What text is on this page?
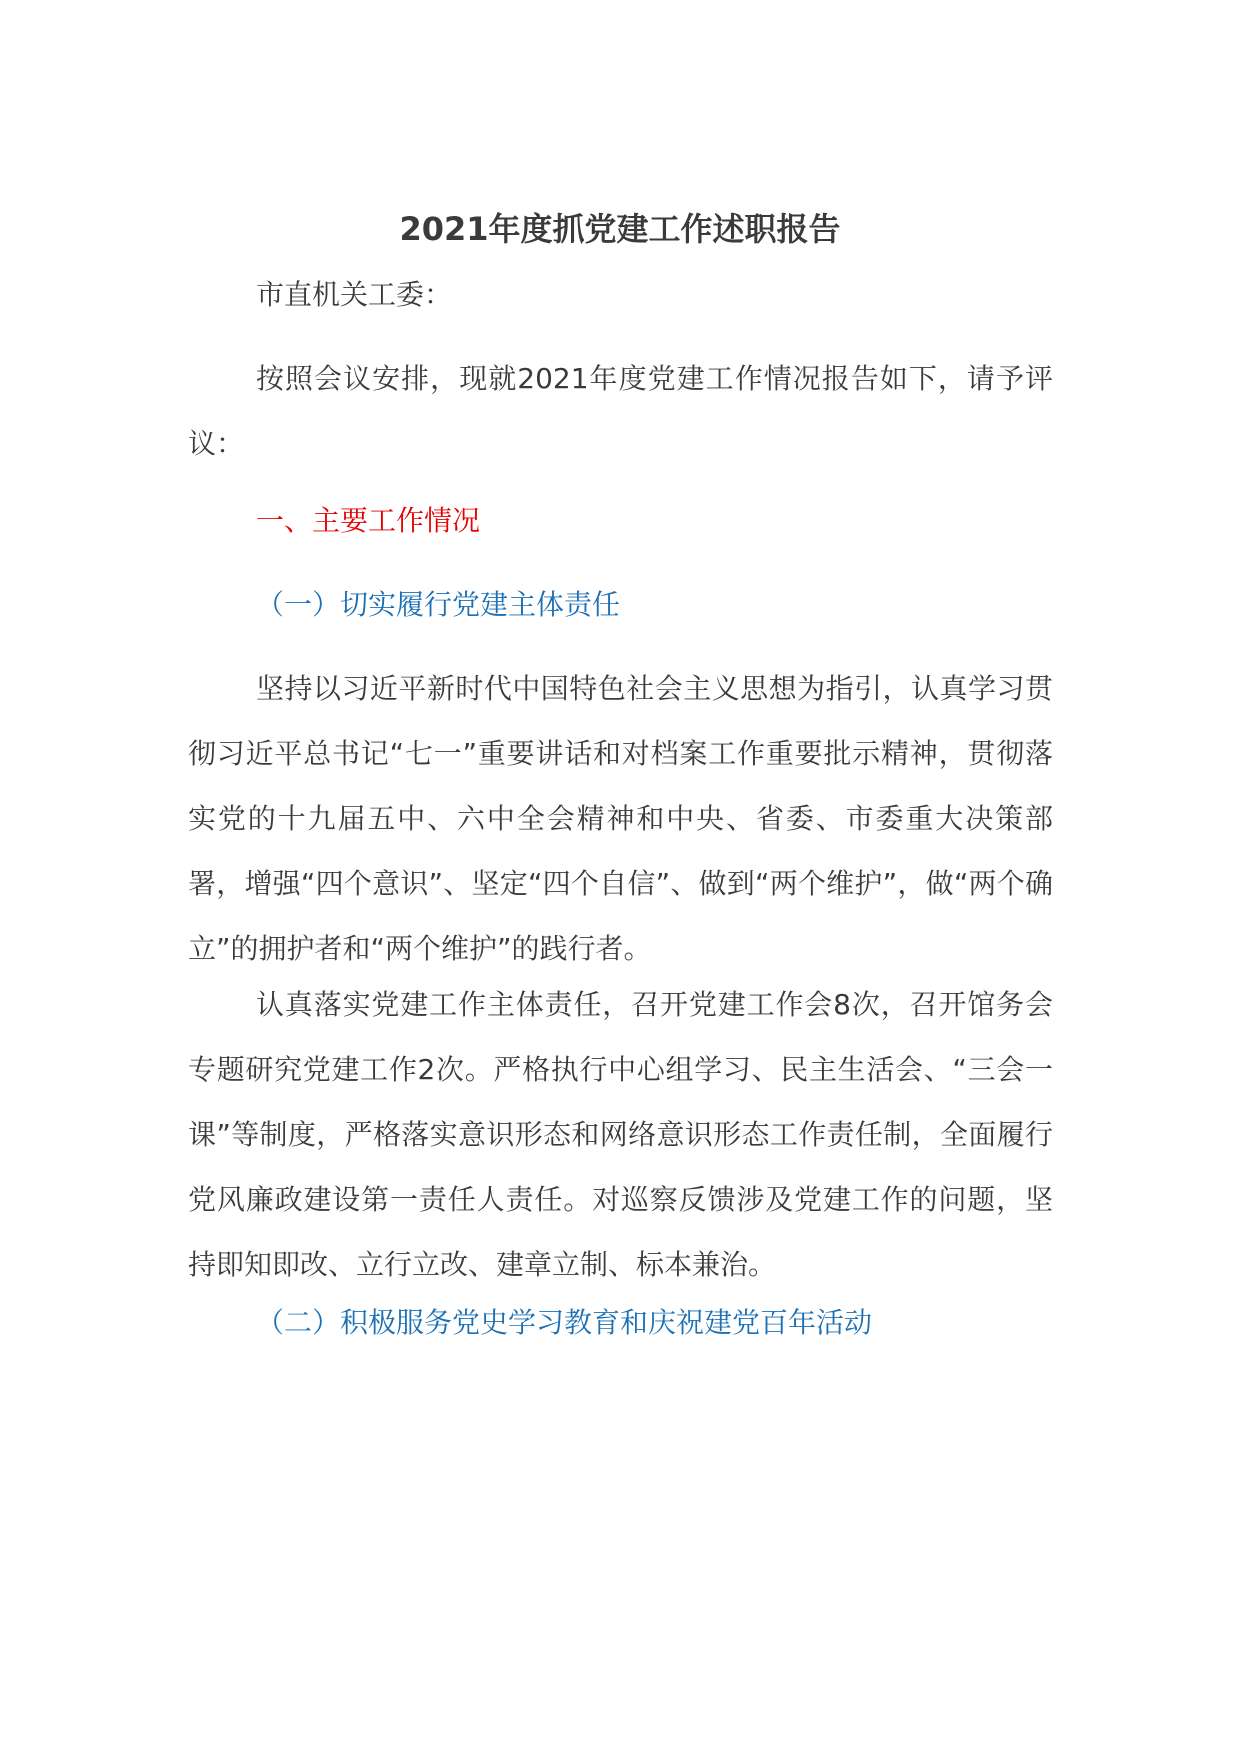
2021年度抓党建工作述职报告

市直机关工委：

按照会议安排，现就2021年度党建工作情况报告如下，请予评议：

一、主要工作情况

（一）切实履行党建主体责任

坚持以习近平新时代中国特色社会主义思想为指引，认真学习贯彻习近平总书记“七一”重要讲话和对档案工作重要批示精神，贯彻落实党的十九届五中、六中全会精神和中央、省委、市委重大决策部署，增强“四个意识”、坚定“四个自信”、做到“两个维护”，做“两个确立”的拥护者和“两个维护”的践行者。

认真落实党建工作主体责任，召开党建工作会8次，召开馆务会专题研究党建工作2次。严格执行中心组学习、民主生活会、“三会一课”等制度，严格落实意识形态和网络意识形态工作责任制，全面履行党风廉政建设第一责任人责任。对巡察反馈涉及党建工作的问题，坚持即知即改、立行立改、建章立制、标本兼治。

（二）积极服务党史学习教育和庆祝建党百年活动
